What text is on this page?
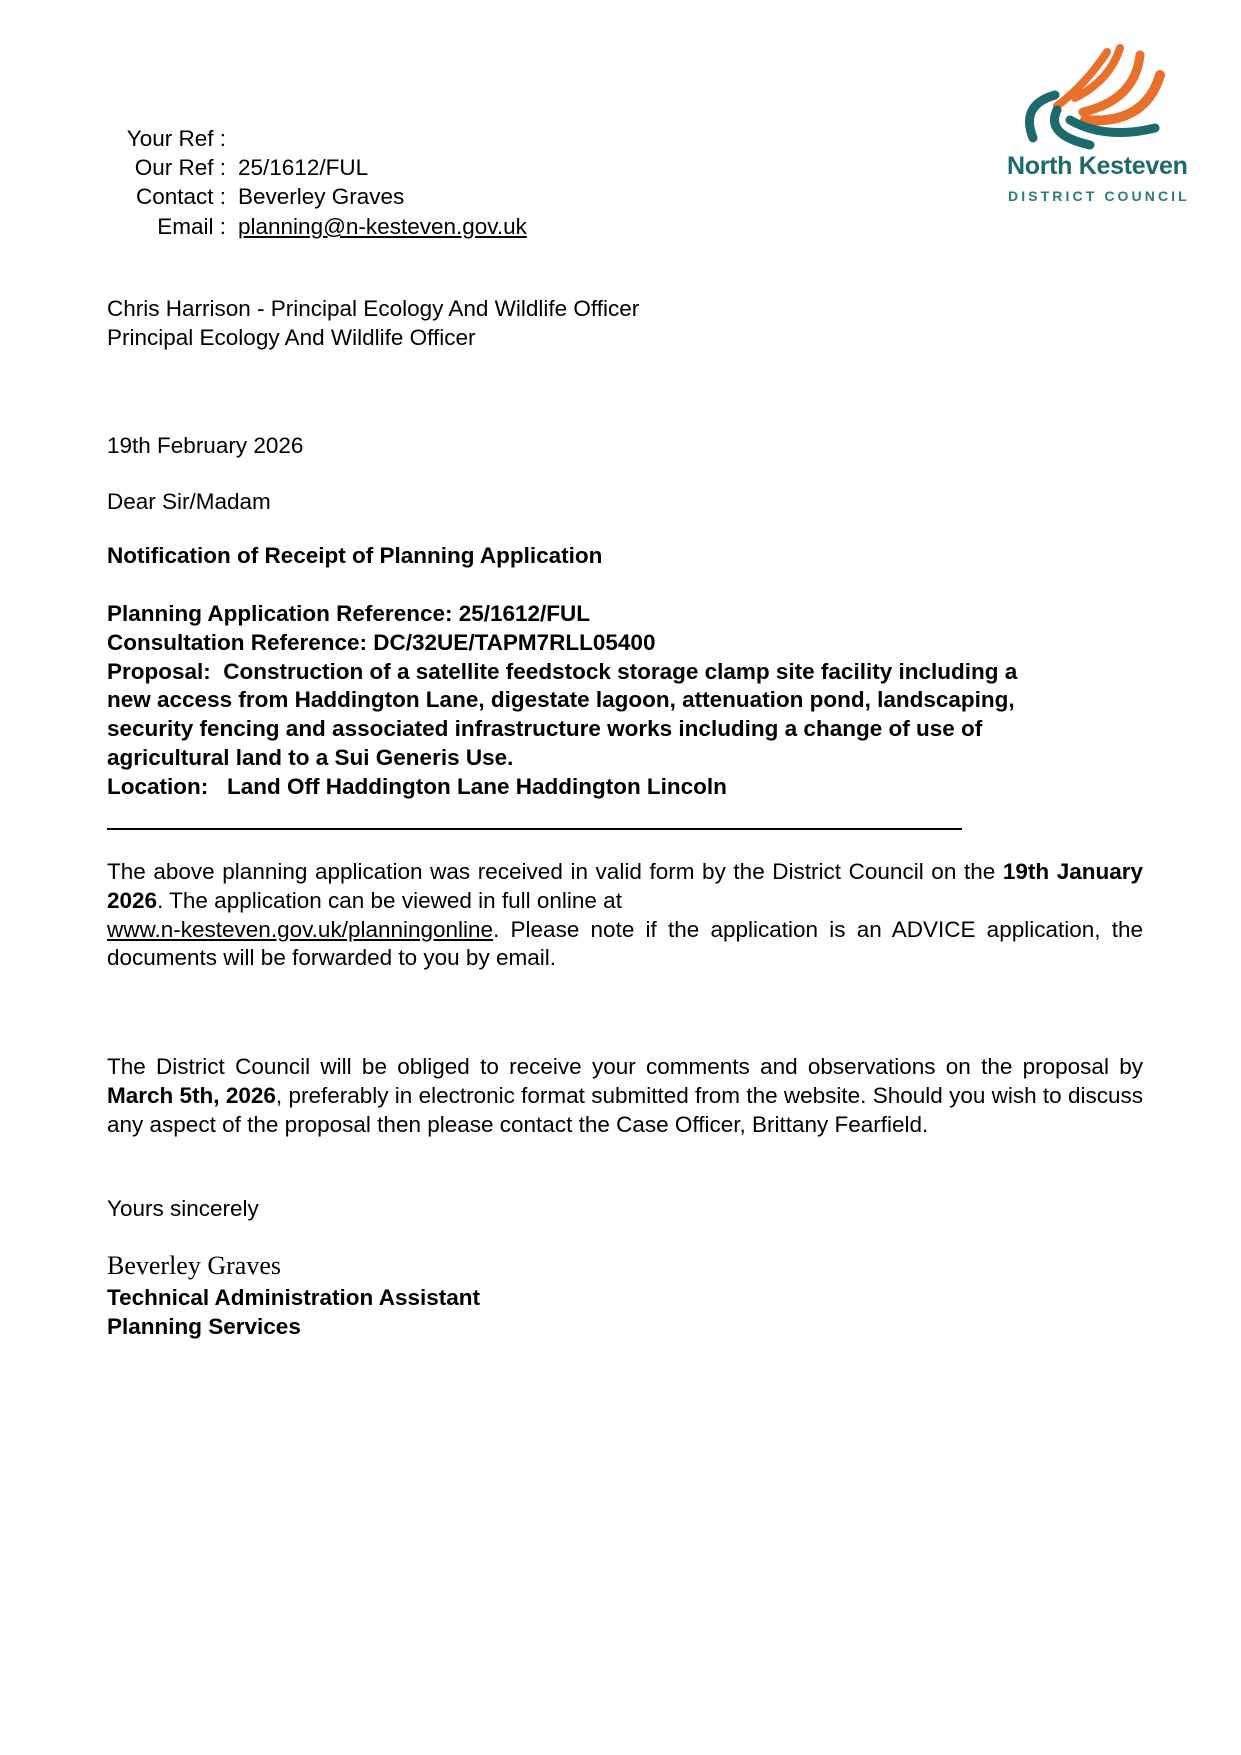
North Kesteven
DISTRICT COUNCIL
Your Ref :
Our Ref : 25/1612/FUL
Contact : Beverley Graves
Email : planning@n-kesteven.gov.uk
Chris Harrison - Principal Ecology And Wildlife Officer
Principal Ecology And Wildlife Officer
19th February 2026
Dear Sir/Madam
Notification of Receipt of Planning Application
Planning Application Reference: 25/1612/FUL
Consultation Reference: DC/32UE/TAPM7RLL05400
Proposal:  Construction of a satellite feedstock storage clamp site facility including a
new access from Haddington Lane, digestate lagoon, attenuation pond, landscaping,
security fencing and associated infrastructure works including a change of use of
agricultural land to a Sui Generis Use.
Location:   Land Off Haddington Lane Haddington Lincoln
The above planning application was received in valid form by the District Council on the 19th January 2026. The application can be viewed in full online at
www.n-kesteven.gov.uk/planningonline. Please note if the application is an ADVICE application, the documents will be forwarded to you by email.
The District Council will be obliged to receive your comments and observations on the proposal by March 5th, 2026, preferably in electronic format submitted from the website. Should you wish to discuss any aspect of the proposal then please contact the Case Officer, Brittany Fearfield.
Yours sincerely
Beverley Graves
Technical Administration Assistant
Planning Services
